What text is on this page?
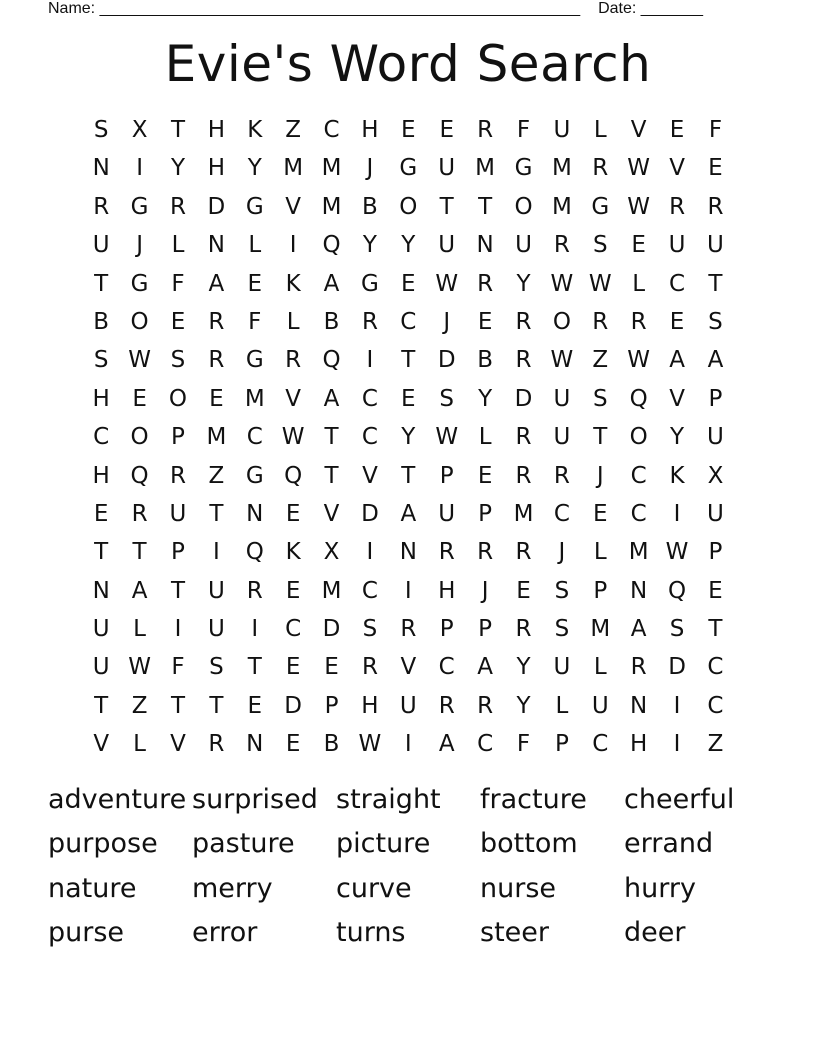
Name: ______________________________________________________ Date: _______
Evie's Word Search
S	X	T H K Z C H E	E	R	F	U	L	V	E	F
N	I	Y H Y M M	J	G U M G M R W V	E
R G R D G V M B O T	T O M G W R R
U	J	L	N	L	I	Q Y	Y U N U R	S	E U U
T G F	A	E	K A G E W R	Y W W L	C	T
B O E	R	F	L	B R C	J	E	R O R R	E	S
S W S	R G R Q	I	T D B R W Z W A A
H E O E M V A C	E	S	Y D U S Q V	P
C O P M C W T	C	Y W L	R U T O Y U
H Q R Z G Q T	V	T	P	E	R R	J	C K X
E	R U T N E	V D A U	P M C	E	C	I	U
T	T	P	I	Q K X	I	N R R R	J	L M W P
N A	T U R	E M C	I	H	J	E	S	P N Q E
U	L	I	U	I	C D S	R	P	P	R	S M A	S	T
U W F	S	T	E	E	R V C A	Y U	L	R D C
T	Z	T	T	E D P H U R R	Y	L	U N	I	C
V	L	V R N E	B W	I	A C	F	P	C H	I	Z
adventure surprised straight	fracture	cheerful
purpose	pasture	picture	bottom	errand
nature	merry	curve	nurse	hurry
purse	error	turns	steer	deer
